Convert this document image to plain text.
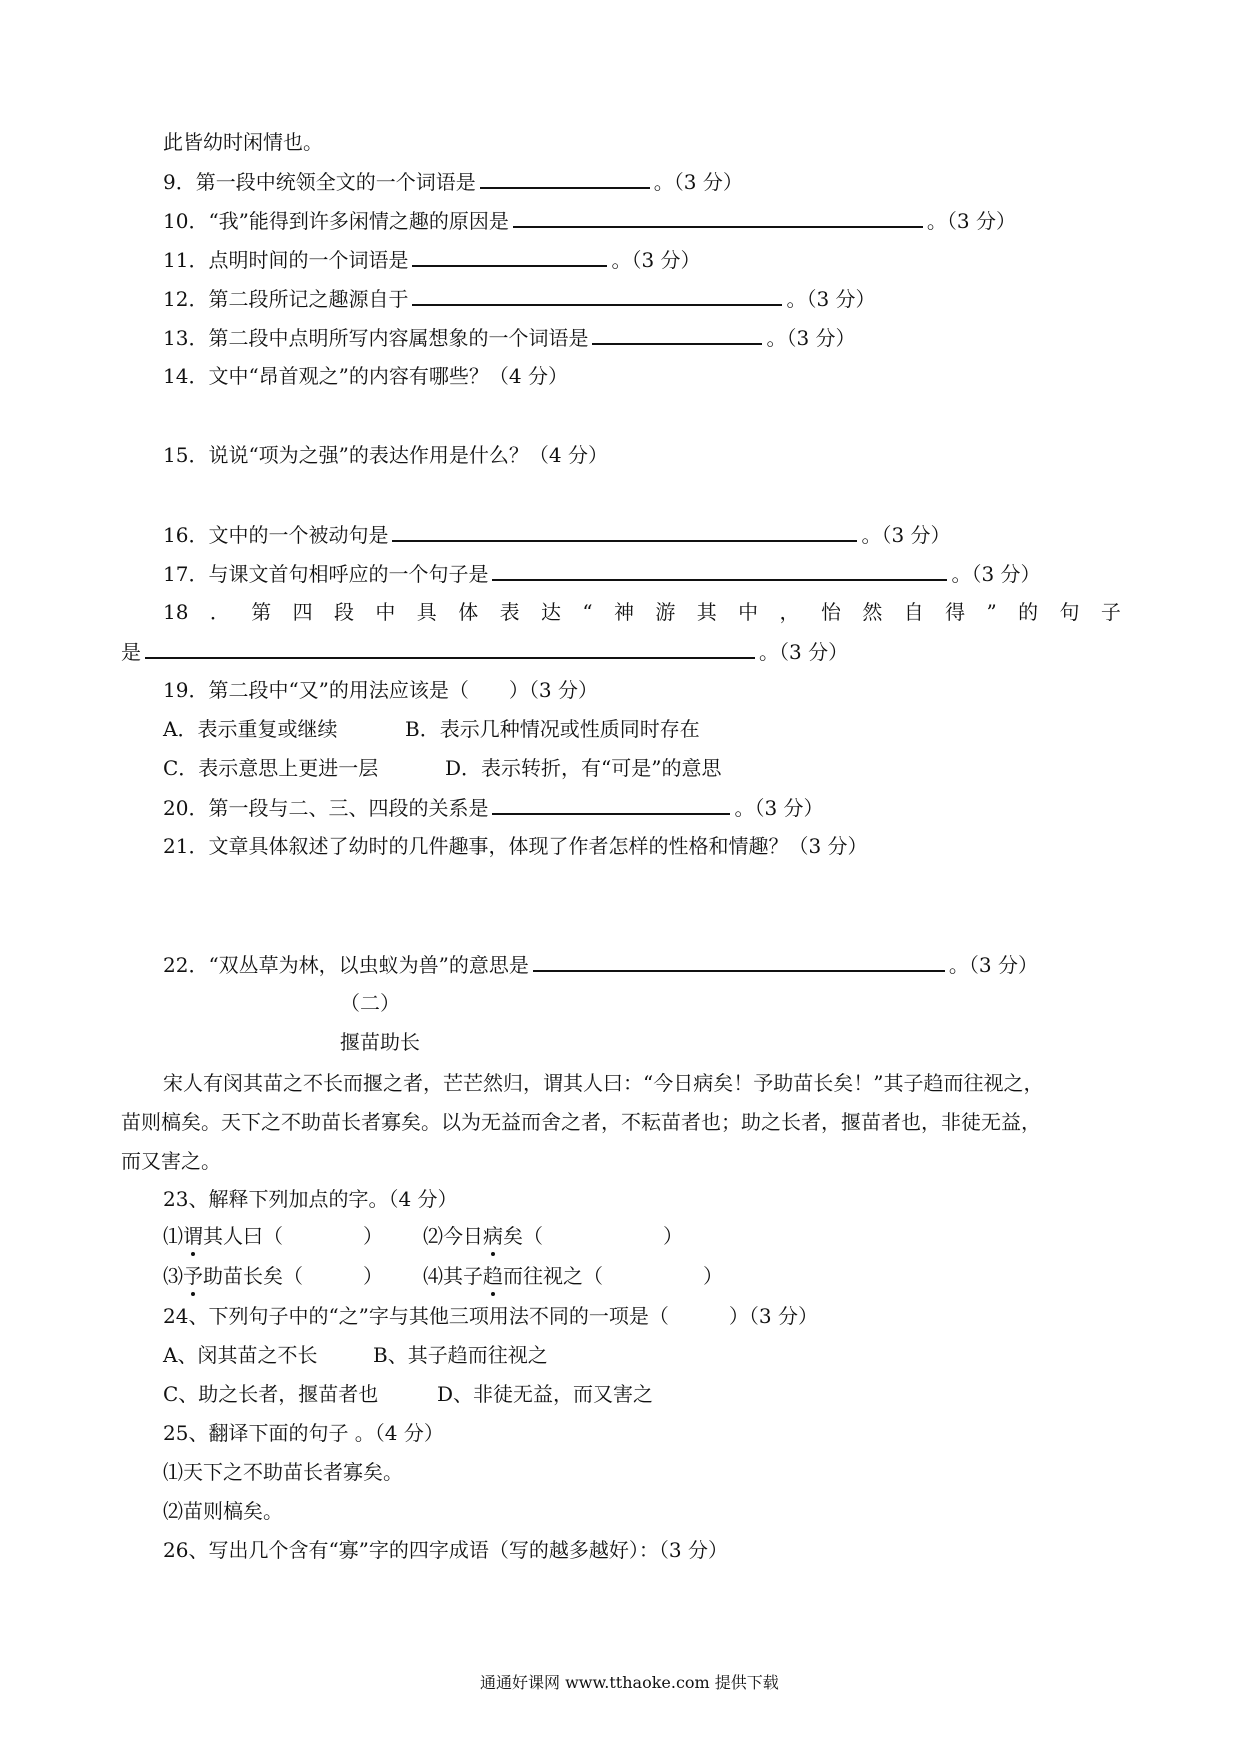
此皆幼时闲情也。
9．第一段中统领全文的一个词语是	。（3 分）
10．“我”能得到许多闲情之趣的原因是	。（3 分）
11．点明时间的一个词语是	。（3 分）
12．第二段所记之趣源自于	。（3 分）
13．第二段中点明所写内容属想象的一个词语是	。（3 分）
14．文中“昂首观之”的内容有哪些？（4 分）
15．说说“项为之强”的表达作用是什么？（4 分）
16．文中的一个被动句是	。（3 分）
17．与课文首句相呼应的一个句子是	。（3 分）
18 ． 第 四 段 中 具 体 表 达 “ 神 游 其 中 ， 怡 然 自 得 ” 的 句 子
是	。（3 分）
19．第二段中“又”的用法应该是（　　）（3 分）
A．表示重复或继续	B．表示几种情况或性质同时存在
C．表示意思上更进一层	D．表示转折，有“可是”的意思
20．第一段与二、三、四段的关系是	。（3 分）
21．文章具体叙述了幼时的几件趣事，体现了作者怎样的性格和情趣？（3 分）
22．“双丛草为林，以虫蚁为兽”的意思是	。（3 分）
（二）
揠苗助长
宋人有闵其苗之不长而揠之者，芒芒然归，谓其人曰：“今日病矣！予助苗长矣！”其子趋而往视之，
苗则槁矣。天下之不助苗长者寡矣。以为无益而舍之者，不耘苗者也；助之长者，揠苗者也，非徒无益，
而又害之。
23、解释下列加点的字。（4 分）
⑴谓其人曰（　　　　） ⑵今日病矣（　　　　　　）
⑶予助苗长矣（　　　） ⑷其子趋而往视之（　　　　　）
24、下列句子中的“之”字与其他三项用法不同的一项是（　　　）（3 分）
A、闵其苗之不长	B、其子趋而往视之
C、助之长者，揠苗者也	D、非徒无益，而又害之
25、翻译下面的句子 。（4 分）
⑴天下之不助苗长者寡矣。
⑵苗则槁矣。
26、写出几个含有“寡”字的四字成语（写的越多越好）：（3 分）
通通好课网 www.tthaoke.com 提供下载
